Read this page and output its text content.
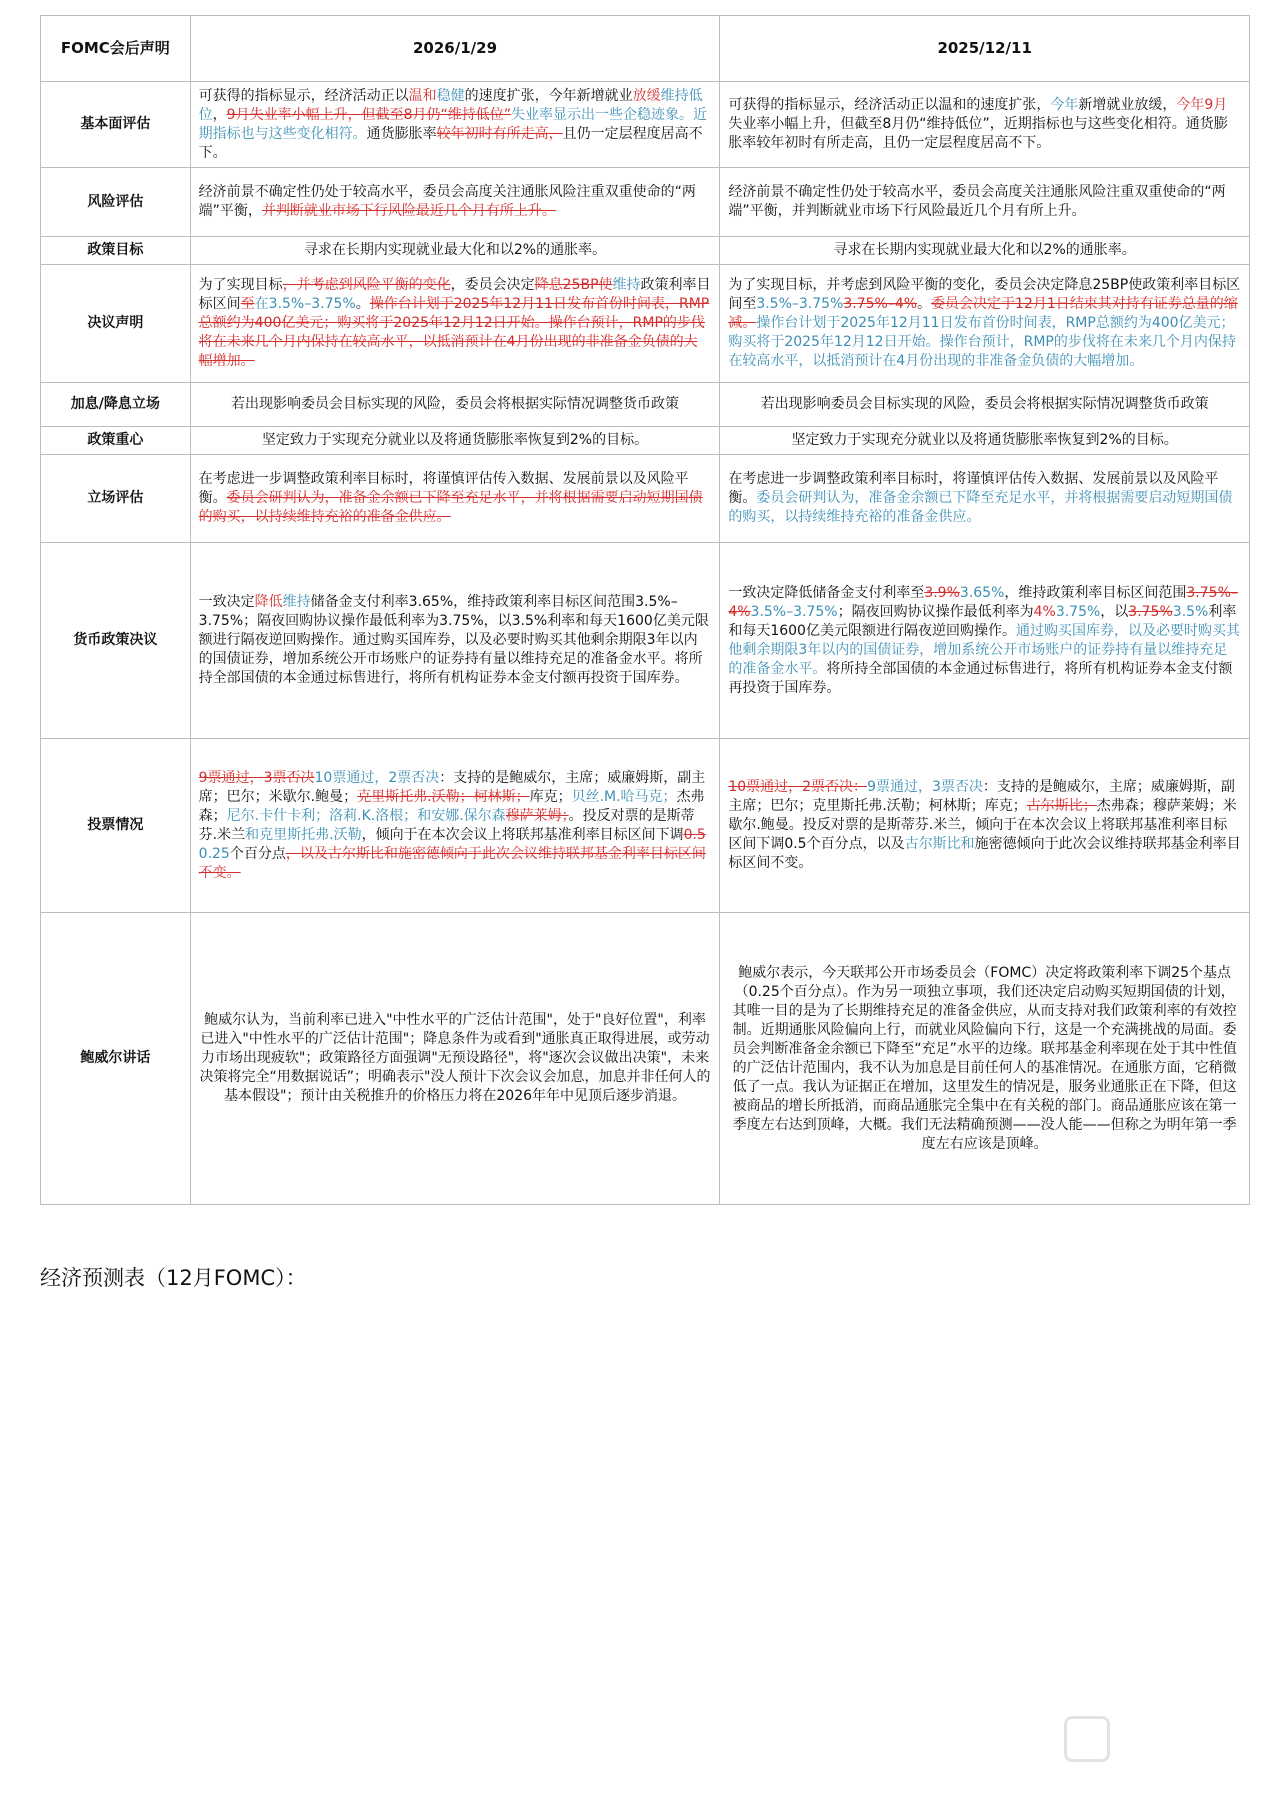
FOMC会后声明	2026/1/29	2025/12/11
基本面评估	可获得的指标显示，经济活动正以温和稳健的速度扩张，今年新增就业放缓维持低位，9月失业率小幅上升，但截至8月仍“维持低位”失业率显示出一些企稳迹象。近期指标也与这些变化相符。通货膨胀率较年初时有所走高，且仍一定层程度居高不下。	可获得的指标显示，经济活动正以温和的速度扩张，今年新增就业放缓，今年9月失业率小幅上升，但截至8月仍“维持低位”，近期指标也与这些变化相符。通货膨胀率较年初时有所走高，且仍一定层程度居高不下。
风险评估	经济前景不确定性仍处于较高水平，委员会高度关注通胀风险注重双重使命的“两端”平衡，并判断就业市场下行风险最近几个月有所上升。	经济前景不确定性仍处于较高水平，委员会高度关注通胀风险注重双重使命的“两端”平衡，并判断就业市场下行风险最近几个月有所上升。
政策目标	寻求在长期内实现就业最大化和以2%的通胀率。	寻求在长期内实现就业最大化和以2%的通胀率。
决议声明	为了实现目标，并考虑到风险平衡的变化，委员会决定降息25BP使维持政策利率目标区间至在3.5%–3.75%。操作台计划于2025年12月11日发布首份时间表，RMP总额约为400亿美元；购买将于2025年12月12日开始。操作台预计，RMP的步伐将在未来几个月内保持在较高水平，以抵消预计在4月份出现的非准备金负债的大幅增加。	为了实现目标，并考虑到风险平衡的变化，委员会决定降息25BP使政策利率目标区间至3.5%–3.75%3.75%–4%。委员会决定于12月1日结束其对持有证券总量的缩减。操作台计划于2025年12月11日发布首份时间表，RMP总额约为400亿美元；购买将于2025年12月12日开始。操作台预计，RMP的步伐将在未来几个月内保持在较高水平，以抵消预计在4月份出现的非准备金负债的大幅增加。
加息/降息立场	若出现影响委员会目标实现的风险，委员会将根据实际情况调整货币政策	若出现影响委员会目标实现的风险，委员会将根据实际情况调整货币政策
政策重心	坚定致力于实现充分就业以及将通货膨胀率恢复到2%的目标。	坚定致力于实现充分就业以及将通货膨胀率恢复到2%的目标。
立场评估	在考虑进一步调整政策利率目标时，将谨慎评估传入数据、发展前景以及风险平衡。委员会研判认为，准备金余额已下降至充足水平，并将根据需要启动短期国债的购买，以持续维持充裕的准备金供应。	在考虑进一步调整政策利率目标时，将谨慎评估传入数据、发展前景以及风险平衡。委员会研判认为，准备金余额已下降至充足水平，并将根据需要启动短期国债的购买，以持续维持充裕的准备金供应。
货币政策决议	一致决定降低维持储备金支付利率3.65%，维持政策利率目标区间范围3.5%–3.75%；隔夜回购协议操作最低利率为3.75%，以3.5%利率和每天1600亿美元限额进行隔夜逆回购操作。通过购买国库券，以及必要时购买其他剩余期限3年以内的国债证券，增加系统公开市场账户的证券持有量以维持充足的准备金水平。将所持全部国债的本金通过标售进行，将所有机构证券本金支付额再投资于国库券。	一致决定降低储备金支付利率至3.9%3.65%，维持政策利率目标区间范围3.75%–4%3.5%–3.75%；隔夜回购协议操作最低利率为4%3.75%，以3.75%3.5%利率和每天1600亿美元限额进行隔夜逆回购操作。通过购买国库券，以及必要时购买其他剩余期限3年以内的国债证券，增加系统公开市场账户的证券持有量以维持充足的准备金水平。将所持全部国债的本金通过标售进行，将所有机构证券本金支付额再投资于国库券。
投票情况	9票通过，3票否决10票通过，2票否决：支持的是鲍威尔，主席；威廉姆斯，副主席；巴尔；米歇尔.鲍曼；克里斯托弗.沃勒；柯林斯；库克；贝丝.M.哈马克；杰弗森；尼尔.卡什卡利；洛莉.K.洛根；和安娜.保尔森穆萨莱姆；。投反对票的是斯蒂芬.米兰和克里斯托弗.沃勒，倾向于在本次会议上将联邦基准利率目标区间下调0.5 0.25个百分点，以及古尔斯比和施密德倾向于此次会议维持联邦基金利率目标区间不变。	10票通过，2票否决：9票通过，3票否决：支持的是鲍威尔，主席；威廉姆斯，副主席；巴尔；克里斯托弗.沃勒；柯林斯；库克；古尔斯比；杰弗森；穆萨莱姆；米歇尔.鲍曼。投反对票的是斯蒂芬.米兰，倾向于在本次会议上将联邦基准利率目标区间下调0.5个百分点，以及古尔斯比和施密德倾向于此次会议维持联邦基金利率目标区间不变。
鲍威尔讲话	鲍威尔认为，当前利率已进入"中性水平的广泛估计范围"，处于"良好位置"，利率已进入"中性水平的广泛估计范围"；降息条件为或看到"通胀真正取得进展，或劳动力市场出现疲软"；政策路径方面强调"无预设路径"，将"逐次会议做出决策"，未来决策将完全“用数据说话”；明确表示"没人预计下次会议会加息，加息并非任何人的基本假设"；预计由关税推升的价格压力将在2026年年中见顶后逐步消退。	鲍威尔表示，今天联邦公开市场委员会（FOMC）决定将政策利率下调25个基点（0.25个百分点）。作为另一项独立事项，我们还决定启动购买短期国债的计划，其唯一目的是为了长期维持充足的准备金供应，从而支持对我们政策利率的有效控制。近期通胀风险偏向上行，而就业风险偏向下行，这是一个充满挑战的局面。委员会判断准备金余额已下降至“充足”水平的边缘。联邦基金利率现在处于其中性值的广泛估计范围内，我不认为加息是目前任何人的基准情况。在通胀方面，它稍微低了一点。我认为证据正在增加，这里发生的情况是，服务业通胀正在下降，但这被商品的增长所抵消，而商品通胀完全集中在有关税的部门。商品通胀应该在第一季度左右达到顶峰，大概。我们无法精确预测——没人能——但称之为明年第一季度左右应该是顶峰。
经济预测表（12月FOMC）：
